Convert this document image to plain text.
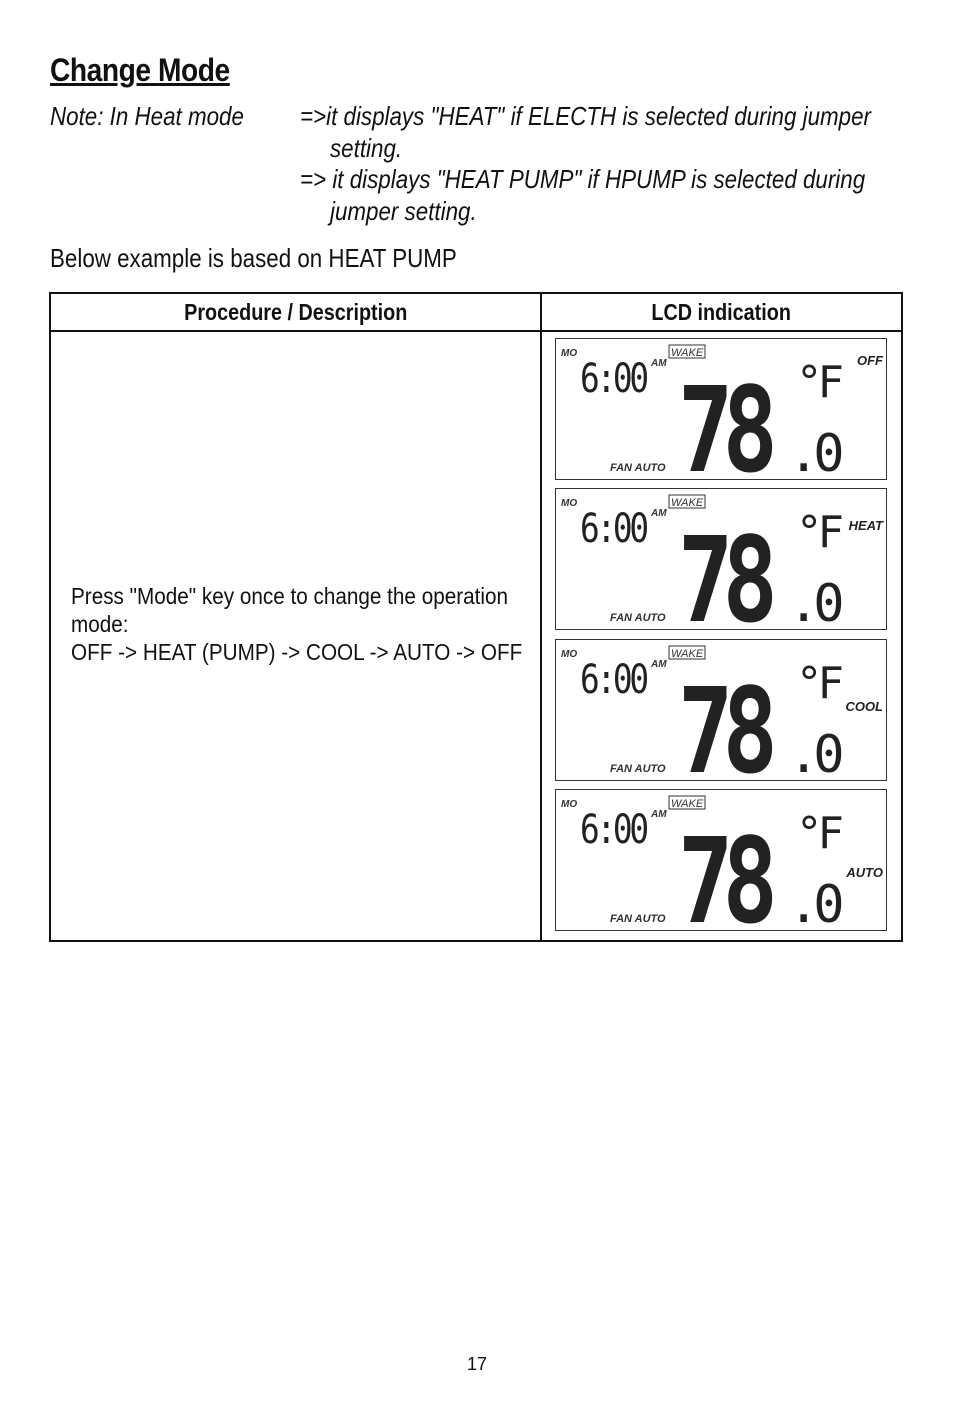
Change Mode
Note: In Heat mode =>it displays "HEAT" if ELECTH is selected during jumper
setting.
=> it displays "HEAT PUMP" if HPUMP is selected during
jumper setting.
Below example is based on HEAT PUMP
Procedure / Description	LCD indication
Press "Mode" key once to change the operation
mode:
OFF -> HEAT (PUMP) -> COOL -> AUTO -> OFF
MO
6:00 AM
WAKE
78 .0
°F
FAN AUTO
OFF
MO
6:00 AM
WAKE
78 .0
°F
FAN AUTO
HEAT
MO
6:00 AM
WAKE
78 .0
°F
FAN AUTO
COOL
MO
6:00 AM
WAKE
78 .0
°F
FAN AUTO
AUTO
17
